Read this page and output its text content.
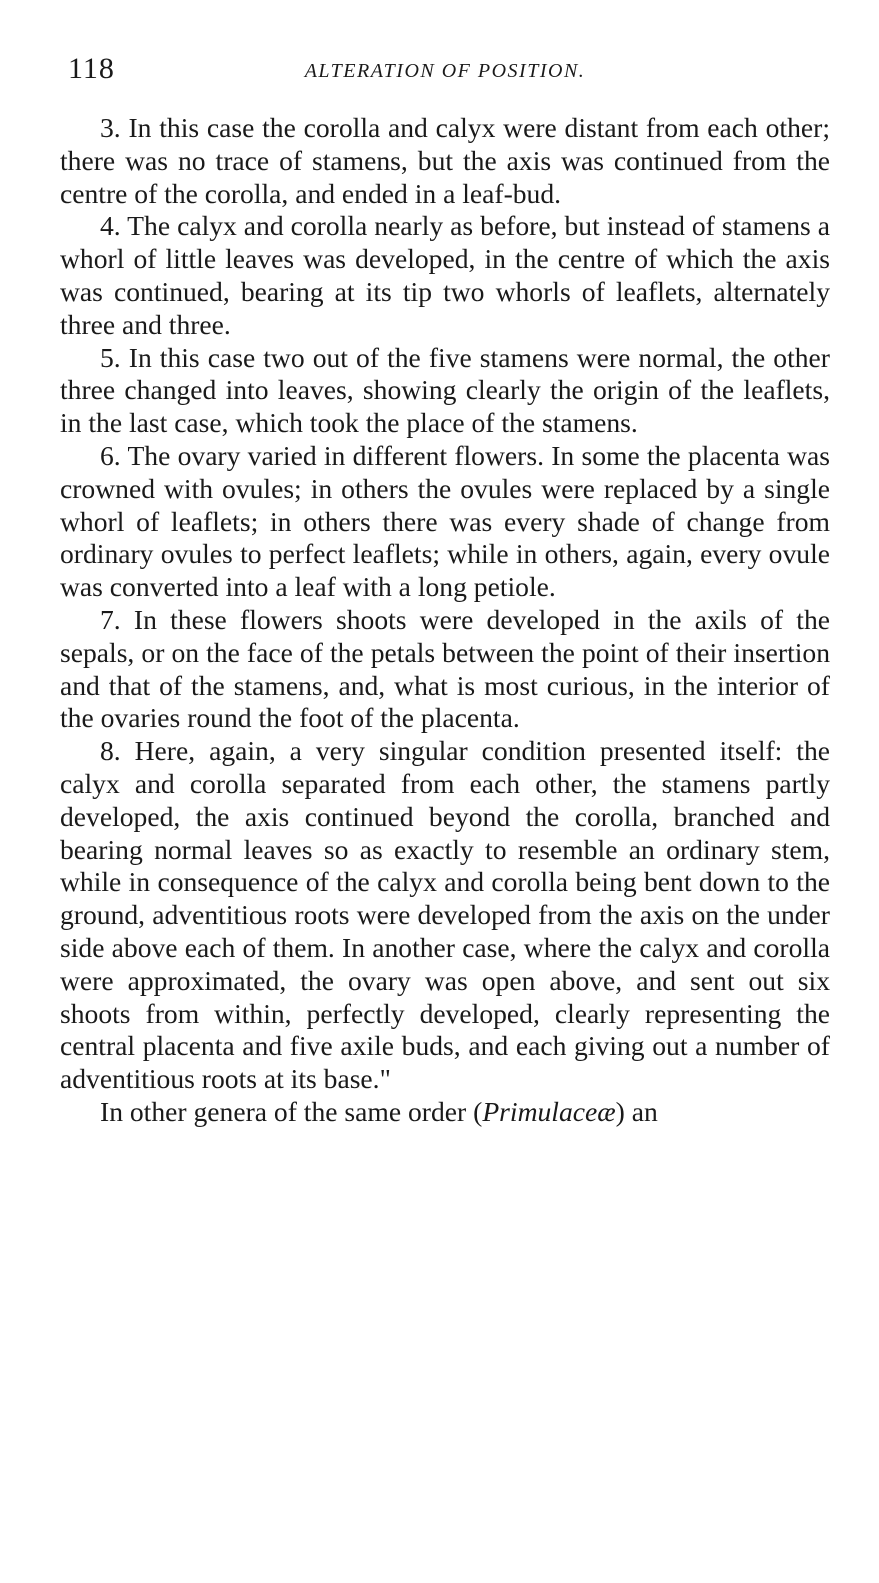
118	ALTERATION OF POSITION.

3. In this case the corolla and calyx were distant from each other; there was no trace of stamens, but the axis was continued from the centre of the corolla, and ended in a leaf-bud.

4. The calyx and corolla nearly as before, but instead of stamens a whorl of little leaves was developed, in the centre of which the axis was continued, bearing at its tip two whorls of leaflets, alternately three and three.

5. In this case two out of the five stamens were normal, the other three changed into leaves, showing clearly the origin of the leaflets, in the last case, which took the place of the stamens.

6. The ovary varied in different flowers. In some the placenta was crowned with ovules; in others the ovules were replaced by a single whorl of leaflets; in others there was every shade of change from ordinary ovules to perfect leaflets; while in others, again, every ovule was converted into a leaf with a long petiole.

7. In these flowers shoots were developed in the axils of the sepals, or on the face of the petals between the point of their insertion and that of the stamens, and, what is most curious, in the interior of the ovaries round the foot of the placenta.

8. Here, again, a very singular condition presented itself: the calyx and corolla separated from each other, the stamens partly developed, the axis continued beyond the corolla, branched and bearing normal leaves so as exactly to resemble an ordinary stem, while in consequence of the calyx and corolla being bent down to the ground, adventitious roots were developed from the axis on the under side above each of them. In another case, where the calyx and corolla were approximated, the ovary was open above, and sent out six shoots from within, perfectly developed, clearly representing the central placenta and five axile buds, and each giving out a number of adventitious roots at its base."

In other genera of the same order (Primulaceæ) an
